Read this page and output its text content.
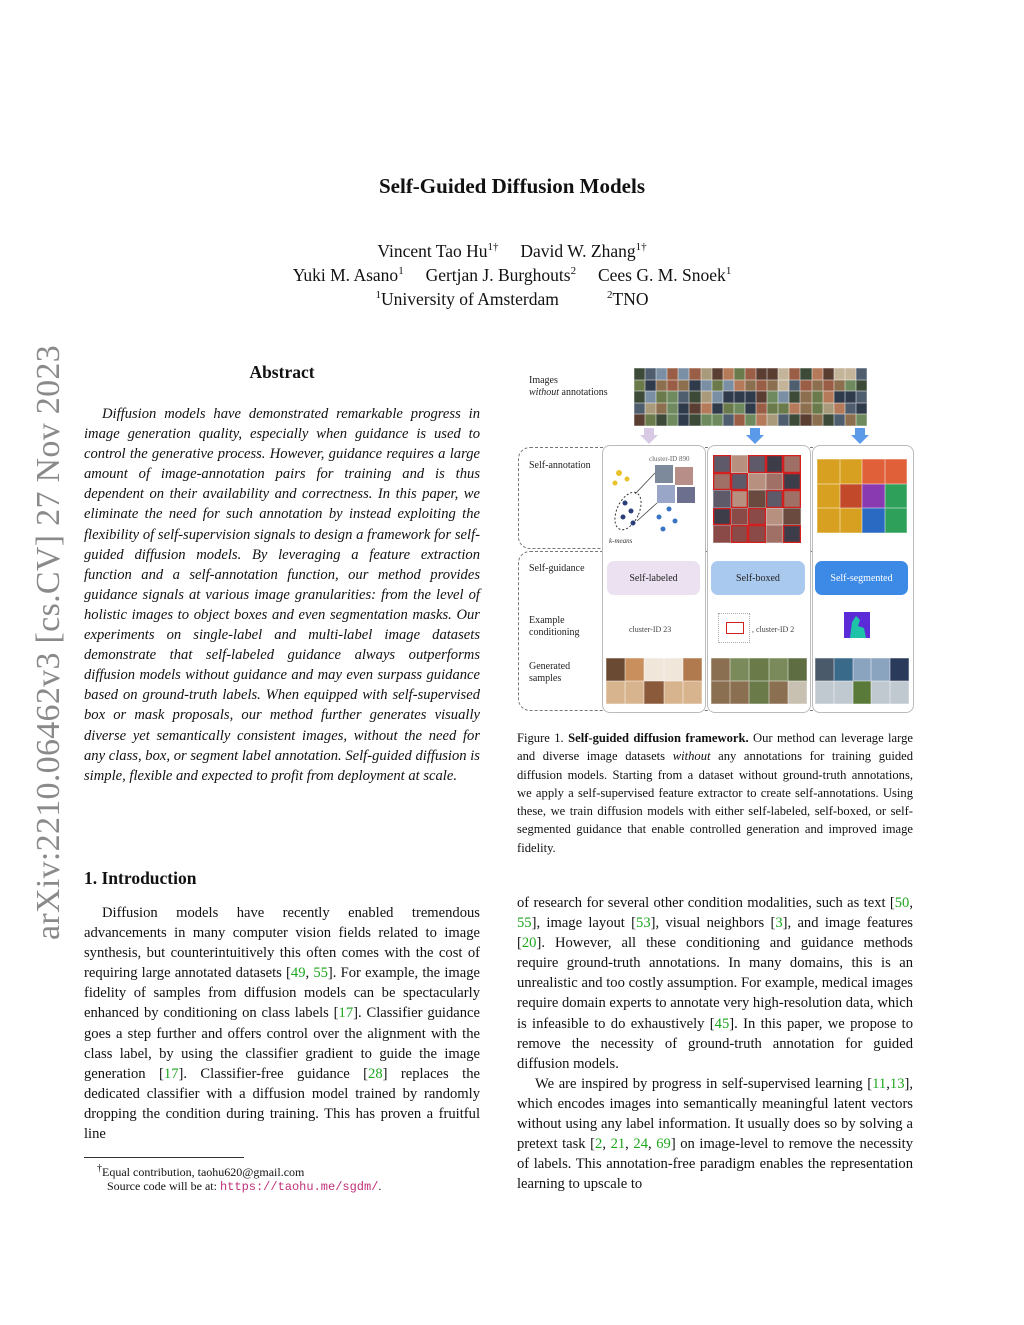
Self-Guided Diffusion Models
Vincent Tao $Hu^{1\dagger}$ David W. Zhang$^{1\dagger}$
Yuki M. Asano$^1$ Gertjan J. Burghouts$^2$ Cees G. M. Snoek$^1$
$^1$University of Amsterdam	$^2$TNO
arXiv:2210.06462v3 [cs.CV] 27 Nov 2023	Abstract
Diffusion models have demonstrated remarkable progress in image generation quality, especially when guidance is used to control the generative process. However, guidance requires a large amount of image-annotation pairs for training and is thus dependent on their availability and correctness. In this paper, we eliminate the need for such annotation by instead exploiting the flexibility of self-supervision signals to design a framework for self-guided diffusion models. By leveraging a feature extraction function and a self-annotation function, our method provides guidance signals at various image granularities: from the level of holistic images to object boxes and even segmentation masks. Our experiments on single-label and multi-label image datasets demonstrate that self-labeled guidance always outperforms diffusion models without guidance and may even surpass guidance based on ground-truth labels. When equipped with self-supervised box or mask proposals, our method further generates visually diverse yet semantically consistent images, without the need for any class, box, or segment label annotation. Self-guided diffusion is simple, flexible and expected to profit from deployment at scale.
1. Introduction

Diffusion models have recently enabled tremendous advancements in many computer vision fields related to image synthesis, but counterintuitively this often comes with the cost of requiring large annotated datasets [49, 55]. For example, the image fidelity of samples from diffusion models can be spectacularly enhanced by conditioning on class labels [17]. Classifier guidance goes a step further and offers control over the alignment with the class label, by using the classifier gradient to guide the image generation [17]. Classifier-free guidance [28] replaces the dedicated classifier with a diffusion model trained by randomly dropping the condition during training. This has proven a fruitful line

of research for several other condition modalities, such as text [50, 55], image layout [53], visual neighbors [3], and image features [20]. However, all these conditioning and guidance methods require ground-truth annotations. In many domains, this is an unrealistic and too costly assumption. For example, medical images require domain experts to annotate very high-resolution data, which is infeasible to do exhaustively [45]. In this paper, we propose to remove the necessity of ground-truth annotation for guided diffusion models.

We are inspired by progress in self-supervised learning [11,13], which encodes images into semantically meaningful latent vectors without using any label information. It usually does so by solving a pretext task [2, 21, 24, 69] on image-level to remove the necessity of labels. This annotation-free paradigm enables the representation learning to upscale to

†Equal contribution, taohu620@gmail.com
Source code will be at: https://taohu.me/sgdm/.
Images
without annotations
Self-annotation
Self-guidance
Example
conditioning
Generated
samples
cluster-ID 890
k-means
Self-labeled	Self-boxed	Self-segmented
cluster-ID 23	, cluster-ID 2
Figure 1. Self-guided diffusion framework. Our method can leverage large and diverse image datasets without any annotations for training guided diffusion models. Starting from a dataset without ground-truth annotations, we apply a self-supervised feature extractor to create self-annotations. Using these, we train diffusion models with either self-labeled, self-boxed, or self-segmented guidance that enable controlled generation and improved image fidelity.
